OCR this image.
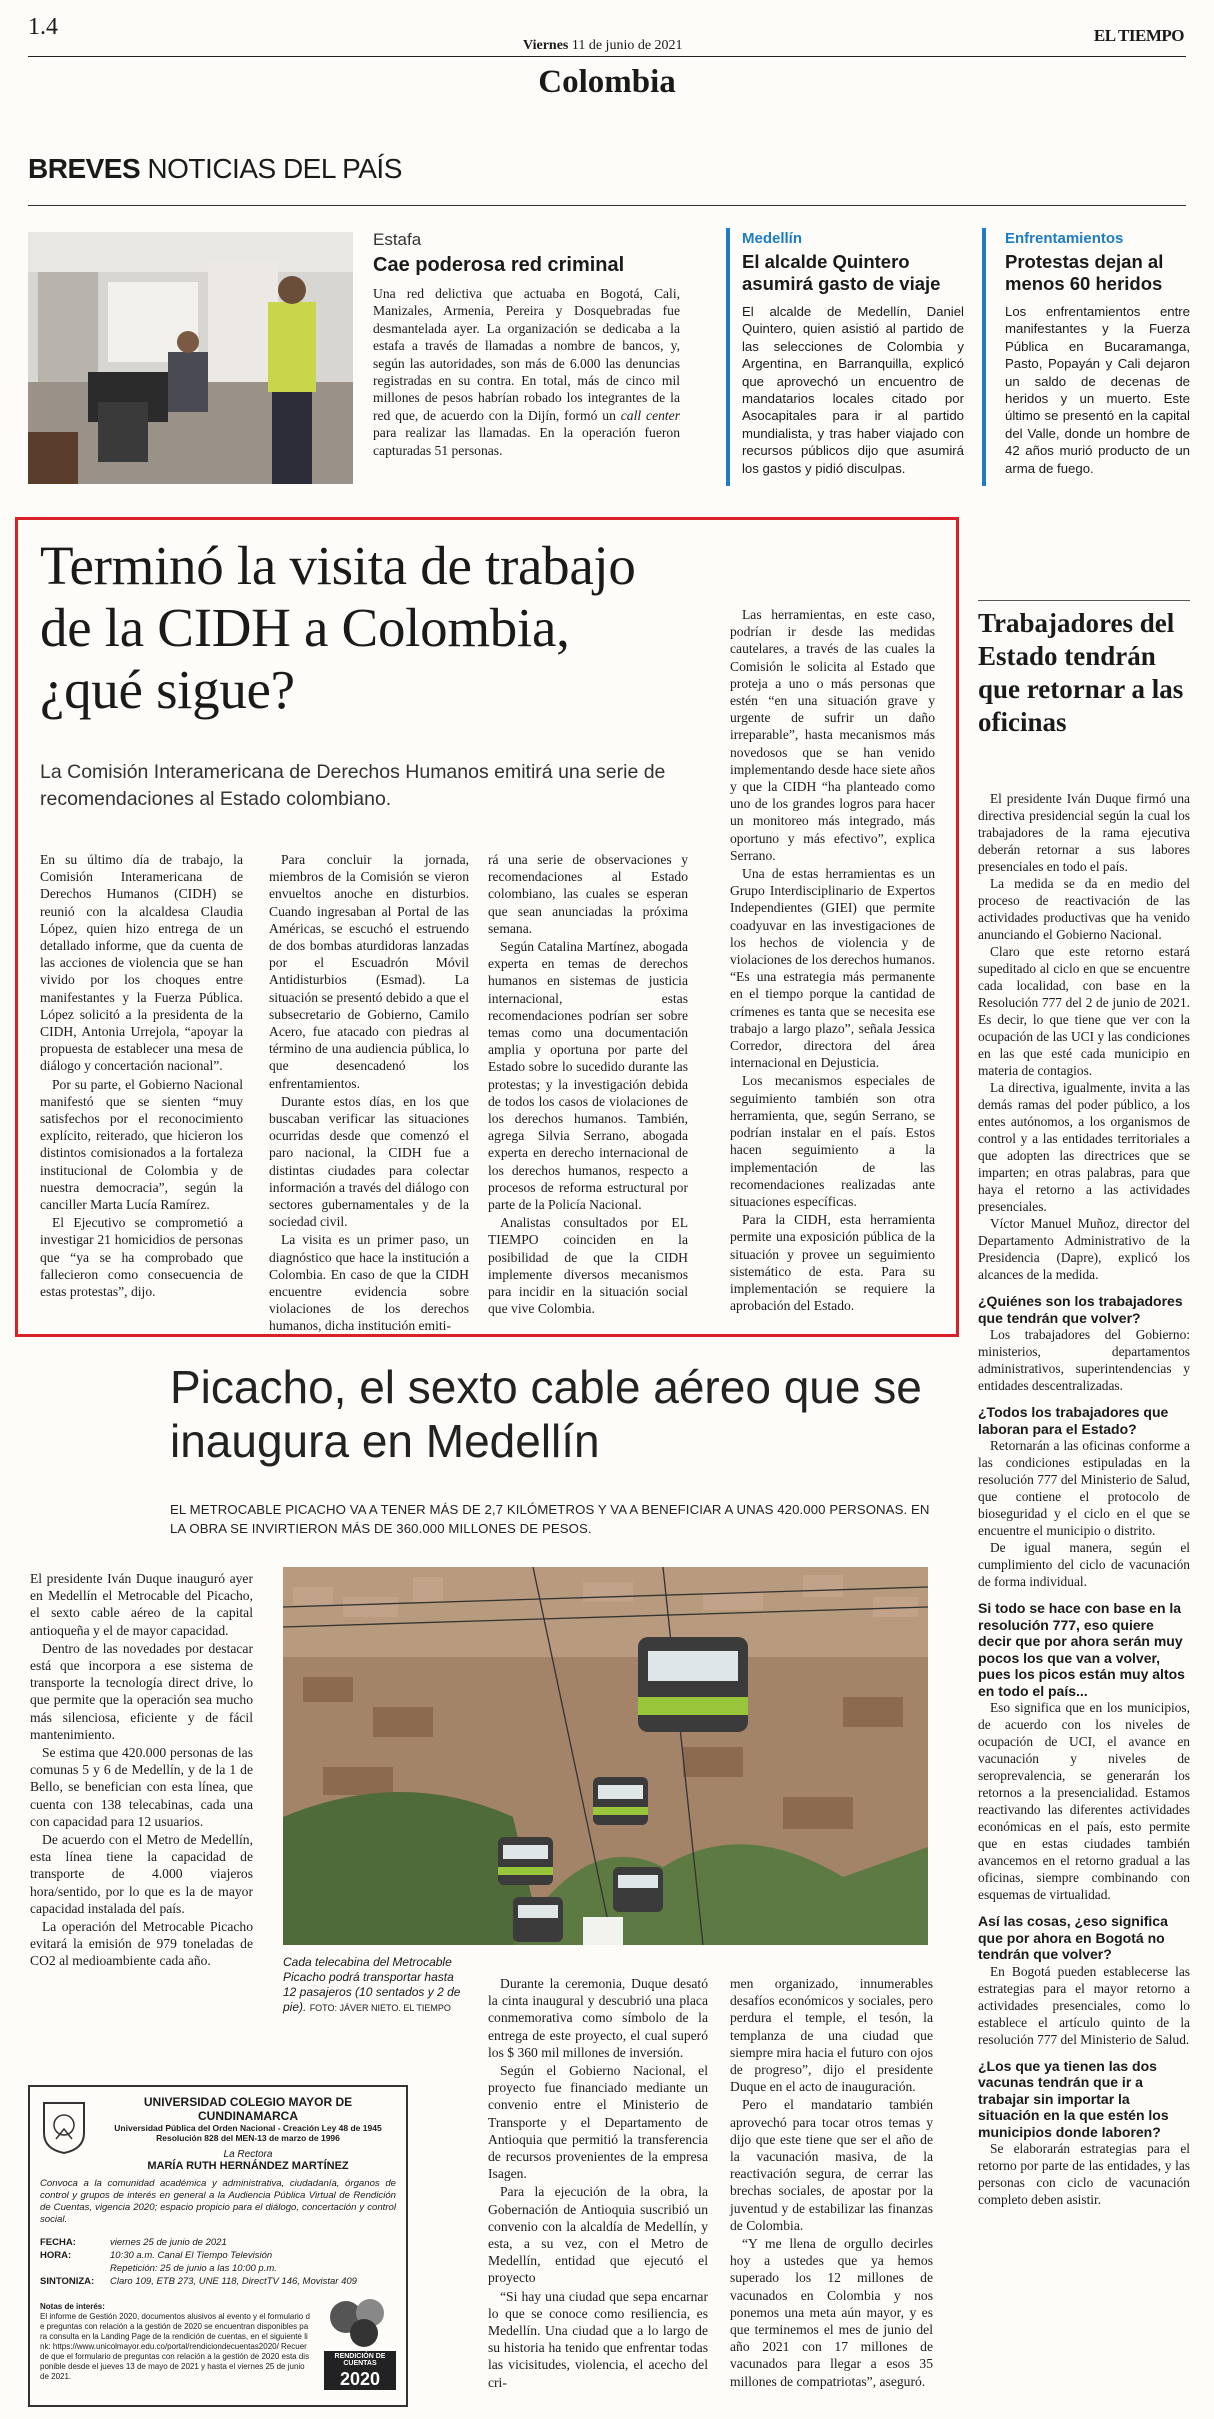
1.4
Viernes 11 de junio de 2021
Colombia
EL TIEMPO
BREVES NOTICIAS DEL PAÍS
Estafa
Cae poderosa red criminal
Una red delictiva que actuaba en Bogotá, Cali, Manizales, Armenia, Pereira y Dosquebradas fue desmantelada ayer. La organización se dedicaba a la estafa a través de llamadas a nombre de bancos, y, según las autoridades, son más de 6.000 las denuncias registradas en su contra. En total, más de cinco mil millones de pesos habrían robado los integrantes de la red que, de acuerdo con la Dijín, formó un call center para realizar las llamadas. En la operación fueron capturadas 51 personas.
Medellín
El alcalde Quintero asumirá gasto de viaje
El alcalde de Medellín, Daniel Quintero, quien asistió al partido de las selecciones de Colombia y Argentina, en Barranquilla, explicó que aprovechó un encuentro de mandatarios locales citado por Asocapitales para ir al partido mundialista, y tras haber viajado con recursos públicos dijo que asumirá los gastos y pidió disculpas.
Enfrentamientos
Protestas dejan al menos 60 heridos
Los enfrentamientos entre manifestantes y la Fuerza Pública en Bucaramanga, Pasto, Popayán y Cali dejaron un saldo de decenas de heridos y un muerto. Este último se presentó en la capital del Valle, donde un hombre de 42 años murió producto de un arma de fuego.
Terminó la visita de trabajo de la CIDH a Colombia, ¿qué sigue?
La Comisión Interamericana de Derechos Humanos emitirá una serie de recomendaciones al Estado colombiano.

En su último día de trabajo, la Comisión Interamericana de Derechos Humanos (CIDH) se reunió con la alcaldesa Claudia López, quien hizo entrega de un detallado informe, que da cuenta de las acciones de violencia que se han vivido por los choques entre manifestantes y la Fuerza Pública. López solicitó a la presidenta de la CIDH, Antonia Urrejola, “apoyar la propuesta de establecer una mesa de diálogo y concertación nacional”.

Por su parte, el Gobierno Nacional manifestó que se sienten “muy satisfechos por el reconocimiento explícito, reiterado, que hicieron los distintos comisionados a la fortaleza institucional de Colombia y de nuestra democracia”, según la canciller Marta Lucía Ramírez.

El Ejecutivo se comprometió a investigar 21 homicidios de personas que “ya se ha comprobado que fallecieron como consecuencia de estas protestas”, dijo.

Para concluir la jornada, miembros de la Comisión se vieron envueltos anoche en disturbios. Cuando ingresaban al Portal de las Américas, se escuchó el estruendo de dos bombas aturdidoras lanzadas por el Escuadrón Móvil Antidisturbios (Esmad). La situación se presentó debido a que el subsecretario de Gobierno, Camilo Acero, fue atacado con piedras al término de una audiencia pública, lo que desencadenó los enfrentamientos.

Durante estos días, en los que buscaban verificar las situaciones ocurridas desde que comenzó el paro nacional, la CIDH fue a distintas ciudades para colectar información a través del diálogo con sectores gubernamentales y de la sociedad civil.

La visita es un primer paso, un diagnóstico que hace la institución a Colombia. En caso de que la CIDH encuentre evidencia sobre violaciones de los derechos humanos, dicha institución emiti-

rá una serie de observaciones y recomendaciones al Estado colombiano, las cuales se esperan que sean anunciadas la próxima semana.

Según Catalina Martínez, abogada experta en temas de derechos humanos en sistemas de justicia internacional, estas recomendaciones podrían ser sobre temas como una documentación amplia y oportuna por parte del Estado sobre lo sucedido durante las protestas; y la investigación debida de todos los casos de violaciones de los derechos humanos. También, agrega Silvia Serrano, abogada experta en derecho internacional de los derechos humanos, respecto a procesos de reforma estructural por parte de la Policía Nacional.

Analistas consultados por EL TIEMPO coinciden en la posibilidad de que la CIDH implemente diversos mecanismos para incidir en la situación social que vive Colombia.

Las herramientas, en este caso, podrían ir desde las medidas cautelares, a través de las cuales la Comisión le solicita al Estado que proteja a uno o más personas que estén “en una situación grave y urgente de sufrir un daño irreparable”, hasta mecanismos más novedosos que se han venido implementando desde hace siete años y que la CIDH “ha planteado como uno de los grandes logros para hacer un monitoreo más integrado, más oportuno y más efectivo”, explica Serrano.

Una de estas herramientas es un Grupo Interdisciplinario de Expertos Independientes (GIEI) que permite coadyuvar en las investigaciones de los hechos de violencia y de violaciones de los derechos humanos. “Es una estrategia más permanente en el tiempo porque la cantidad de crímenes es tanta que se necesita ese trabajo a largo plazo”, señala Jessica Corredor, directora del área internacional en Dejusticia.

Los mecanismos especiales de seguimiento también son otra herramienta, que, según Serrano, se podrían instalar en el país. Estos hacen seguimiento a la implementación de las recomendaciones realizadas ante situaciones específicas.

Para la CIDH, esta herramienta permite una exposición pública de la situación y provee un seguimiento sistemático de esta. Para su implementación se requiere la aprobación del Estado.

Trabajadores del Estado tendrán que retornar a las oficinas
El presidente Iván Duque firmó una directiva presidencial según la cual los trabajadores de la rama ejecutiva deberán retornar a sus labores presenciales en todo el país.
La medida se da en medio del proceso de reactivación de las actividades productivas que ha venido anunciando el Gobierno Nacional.
Claro que este retorno estará supeditado al ciclo en que se encuentre cada localidad, con base en la Resolución 777 del 2 de junio de 2021. Es decir, lo que tiene que ver con la ocupación de las UCI y las condiciones en las que esté cada municipio en materia de contagios.
La directiva, igualmente, invita a las demás ramas del poder público, a los entes autónomos, a los organismos de control y a las entidades territoriales a que adopten las directrices que se imparten; en otras palabras, para que haya el retorno a las actividades presenciales.
Víctor Manuel Muñoz, director del Departamento Administrativo de la Presidencia (Dapre), explicó los alcances de la medida.
¿Quiénes son los trabajadores que tendrán que volver?
Los trabajadores del Gobierno: ministerios, departamentos administrativos, superintendencias y entidades descentralizadas.
¿Todos los trabajadores que laboran para el Estado?
Retornarán a las oficinas conforme a las condiciones estipuladas en la resolución 777 del Ministerio de Salud, que contiene el protocolo de bioseguridad y el ciclo en el que se encuentre el municipio o distrito.
De igual manera, según el cumplimiento del ciclo de vacunación de forma individual.
Si todo se hace con base en la resolución 777, eso quiere decir que por ahora serán muy pocos los que van a volver, pues los picos están muy altos en todo el país...
Eso significa que en los municipios, de acuerdo con los niveles de ocupación de UCI, el avance en vacunación y niveles de seroprevalencia, se generarán los retornos a la presencialidad. Estamos reactivando las diferentes actividades económicas en el país, esto permite que en estas ciudades también avancemos en el retorno gradual a las oficinas, siempre combinando con esquemas de virtualidad.
Así las cosas, ¿eso significa que por ahora en Bogotá no tendrán que volver?
En Bogotá pueden establecerse las estrategias para el mayor retorno a actividades presenciales, como lo establece el artículo quinto de la resolución 777 del Ministerio de Salud.
¿Los que ya tienen las dos vacunas tendrán que ir a trabajar sin importar la situación en la que estén los municipios donde laboren?
Se elaborarán estrategias para el retorno por parte de las entidades, y las personas con ciclo de vacunación completo deben asistir.
Picacho, el sexto cable aéreo que se inaugura en Medellín
EL METROCABLE PICACHO VA A TENER MÁS DE 2,7 KILÓMETROS Y VA A BENEFICIAR A UNAS 420.000 PERSONAS. EN LA OBRA SE INVIRTIERON MÁS DE 360.000 MILLONES DE PESOS.

El presidente Iván Duque inauguró ayer en Medellín el Metrocable del Picacho, el sexto cable aéreo de la capital antioqueña y el de mayor capacidad.

Dentro de las novedades por destacar está que incorpora a ese sistema de transporte la tecnología direct drive, lo que permite que la operación sea mucho más silenciosa, eficiente y de fácil mantenimiento.

Se estima que 420.000 personas de las comunas 5 y 6 de Medellín, y de la 1 de Bello, se benefician con esta línea, que cuenta con 138 telecabinas, cada una con capacidad para 12 usuarios.

De acuerdo con el Metro de Medellín, esta línea tiene la capacidad de transporte de 4.000 viajeros hora/sentido, por lo que es la de mayor capacidad instalada del país.

La operación del Metrocable Picacho evitará la emisión de 979 toneladas de CO2 al medioambiente cada año.	Cada telecabina del Metrocable Picacho podrá transportar hasta 12 pasajeros (10 sentados y 2 de pie). FOTO: JÁVER NIETO. EL TIEMPO

Durante la ceremonia, Duque desató la cinta inaugural y descubrió una placa conmemorativa como símbolo de la entrega de este proyecto, el cual superó los $ 360 mil millones de inversión.

Según el Gobierno Nacional, el proyecto fue financiado mediante un convenio entre el Ministerio de Transporte y el Departamento de Antioquia que permitió la transferencia de recursos provenientes de la empresa Isagen.

Para la ejecución de la obra, la Gobernación de Antioquia suscribió un convenio con la alcaldía de Medellín, y esta, a su vez, con el Metro de Medellín, entidad que ejecutó el proyecto

“Si hay una ciudad que sepa encarnar lo que se conoce como resiliencia, es Medellín. Una ciudad que a lo largo de su historia ha tenido que enfrentar todas las vicisitudes, violencia, el acecho del cri-

men organizado, innumerables desafíos económicos y sociales, pero perdura el temple, el tesón, la templanza de una ciudad que siempre mira hacia el futuro con ojos de progreso”, dijo el presidente Duque en el acto de inauguración.

Pero el mandatario también aprovechó para tocar otros temas y dijo que este tiene que ser el año de la vacunación masiva, de la reactivación segura, de cerrar las brechas sociales, de apostar por la juventud y de estabilizar las finanzas de Colombia.

“Y me llena de orgullo decirles hoy a ustedes que ya hemos superado los 12 millones de vacunados en Colombia y nos ponemos una meta aún mayor, y es que terminemos el mes de junio del año 2021 con 17 millones de vacunados para llegar a esos 35 millones de compatriotas”, aseguró.

UNIVERSIDAD COLEGIO MAYOR DE CUNDINAMARCA
Universidad Pública del Orden Nacional - Creación Ley 48 de 1945
Resolución 828 del MEN-13 de marzo de 1996
La Rectora
MARÍA RUTH HERNÁNDEZ MARTÍNEZ
Convoca a la comunidad académica y administrativa, ciudadanía, órganos de control y grupos de interés en general a la Audiencia Pública Virtual de Rendición de Cuentas, vigencia 2020; espacio propicio para el diálogo, concertación y control social.
FECHA:	viernes 25 de junio de 2021
HORA:	10:30 a.m. Canal El Tiempo Televisión
Repetición: 25 de junio a las 10:00 p.m.
SINTONIZA:	Claro 109, ETB 273, UNE 118, DirectTV 146, Movistar 409
Notas de interés:
El informe de Gestión 2020, documentos alusivos al evento y el formulario de preguntas con relación a la gestión de 2020 se encuentran disponibles para consulta en la Landing Page de la rendición de cuentas, en el siguiente link: https://www.unicolmayor.edu.co/portal/rendiciondecuentas2020/ Recuerde que el formulario de preguntas con relación a la gestión de 2020 esta disponible desde el jueves 13 de mayo de 2021 y hasta el viernes 25 de junio de 2021.
RENDICIÓN DE CUENTAS
2020
